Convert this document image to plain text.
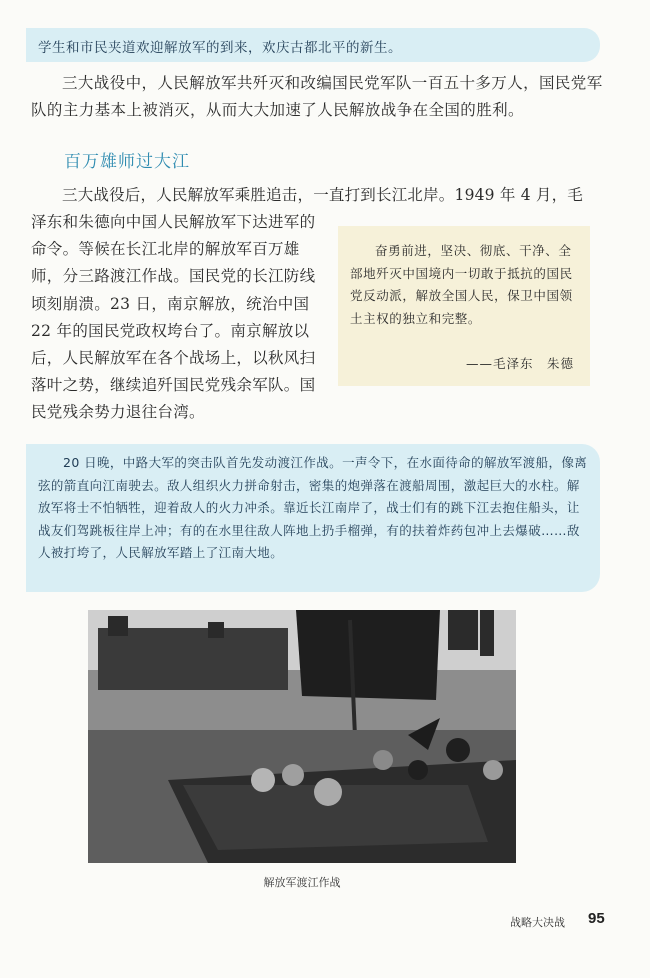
学生和市民夹道欢迎解放军的到来，欢庆古都北平的新生。

三大战役中，人民解放军共歼灭和改编国民党军队一百五十多万人，国民党军队的主力基本上被消灭，从而大大加速了人民解放战争在全国的胜利。

百万雄师过大江

三大战役后，人民解放军乘胜追击，一直打到长江北岸。1949 年 4 月，毛

泽东和朱德向中国人民解放军下达进军的命令。等候在长江北岸的解放军百万雄师，分三路渡江作战。国民党的长江防线顷刻崩溃。23 日，南京解放，统治中国 22 年的国民党政权垮台了。南京解放以后，人民解放军在各个战场上，以秋风扫落叶之势，继续追歼国民党残余军队。国民党残余势力退往台湾。

奋勇前进，坚决、彻底、干净、全部地歼灭中国境内一切敢于抵抗的国民党反动派，解放全国人民，保卫中国领土主权的独立和完整。

——毛泽东　朱德

20 日晚，中路大军的突击队首先发动渡江作战。一声令下，在水面待命的解放军渡船，像离弦的箭直向江南驶去。敌人组织火力拼命射击，密集的炮弹落在渡船周围，激起巨大的水柱。解放军将士不怕牺牲，迎着敌人的火力冲杀。靠近长江南岸了，战士们有的跳下江去抱住船头，让战友们驾跳板往岸上冲；有的在水里往敌人阵地上扔手榴弹，有的扶着炸药包冲上去爆破……敌人被打垮了，人民解放军踏上了江南大地。

解放军渡江作战

战略大决战 95
